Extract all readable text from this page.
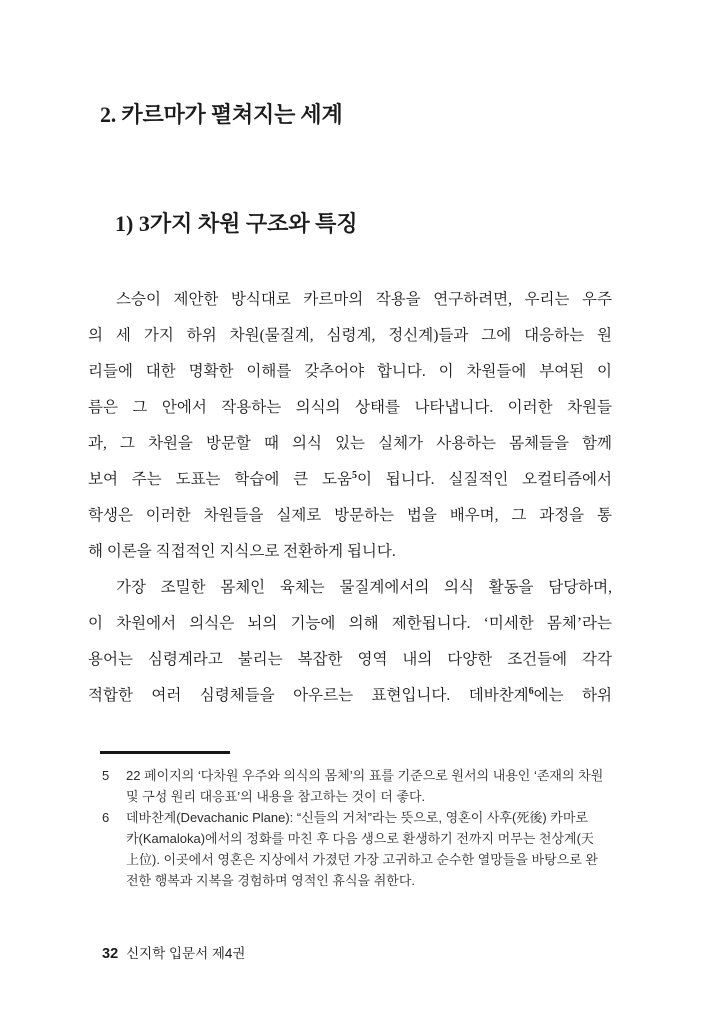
2. 카르마가 펼쳐지는 세계
1) 3가지 차원 구조와 특징
스승이 제안한 방식대로 카르마의 작용을 연구하려면, 우리는 우주
의 세 가지 하위 차원(물질계, 심령계, 정신계)들과 그에 대응하는 원
리들에 대한 명확한 이해를 갖추어야 합니다. 이 차원들에 부여된 이
름은 그 안에서 작용하는 의식의 상태를 나타냅니다. 이러한 차원들
과, 그 차원을 방문할 때 의식 있는 실체가 사용하는 몸체들을 함께
보여 주는 도표는 학습에 큰 도움$^5$이 됩니다. 실질적인 오컬티즘에서
학생은 이러한 차원들을 실제로 방문하는 법을 배우며, 그 과정을 통
해 이론을 직접적인 지식으로 전환하게 됩니다.
가장 조밀한 몸체인 육체는 물질계에서의 의식 활동을 담당하며,
이 차원에서 의식은 뇌의 기능에 의해 제한됩니다. ‘미세한 몸체’라는
용어는 심령계라고 불리는 복잡한 영역 내의 다양한 조건들에 각각
적합한 여러 심령체들을 아우르는 표현입니다. 데바찬계$^6$에는 하위
5	22 페이지의 ‘다차원 우주와 의식의 몸체’의 표를 기준으로 원서의 내용인 ‘존재의 차원
및 구성 원리 대응표’의 내용을 참고하는 것이 더 좋다.
6	데바찬계(Devachanic Plane): “신들의 거처”라는 뜻으로, 영혼이 사후(死後) 카마로
카(Kamaloka)에서의 정화를 마친 후 다음 생으로 환생하기 전까지 머무는 천상계(天
上位). 이곳에서 영혼은 지상에서 가졌던 가장 고귀하고 순수한 열망들을 바탕으로 완
전한 행복과 지복을 경험하며 영적인 휴식을 취한다.
32 신지학 입문서 제4권
